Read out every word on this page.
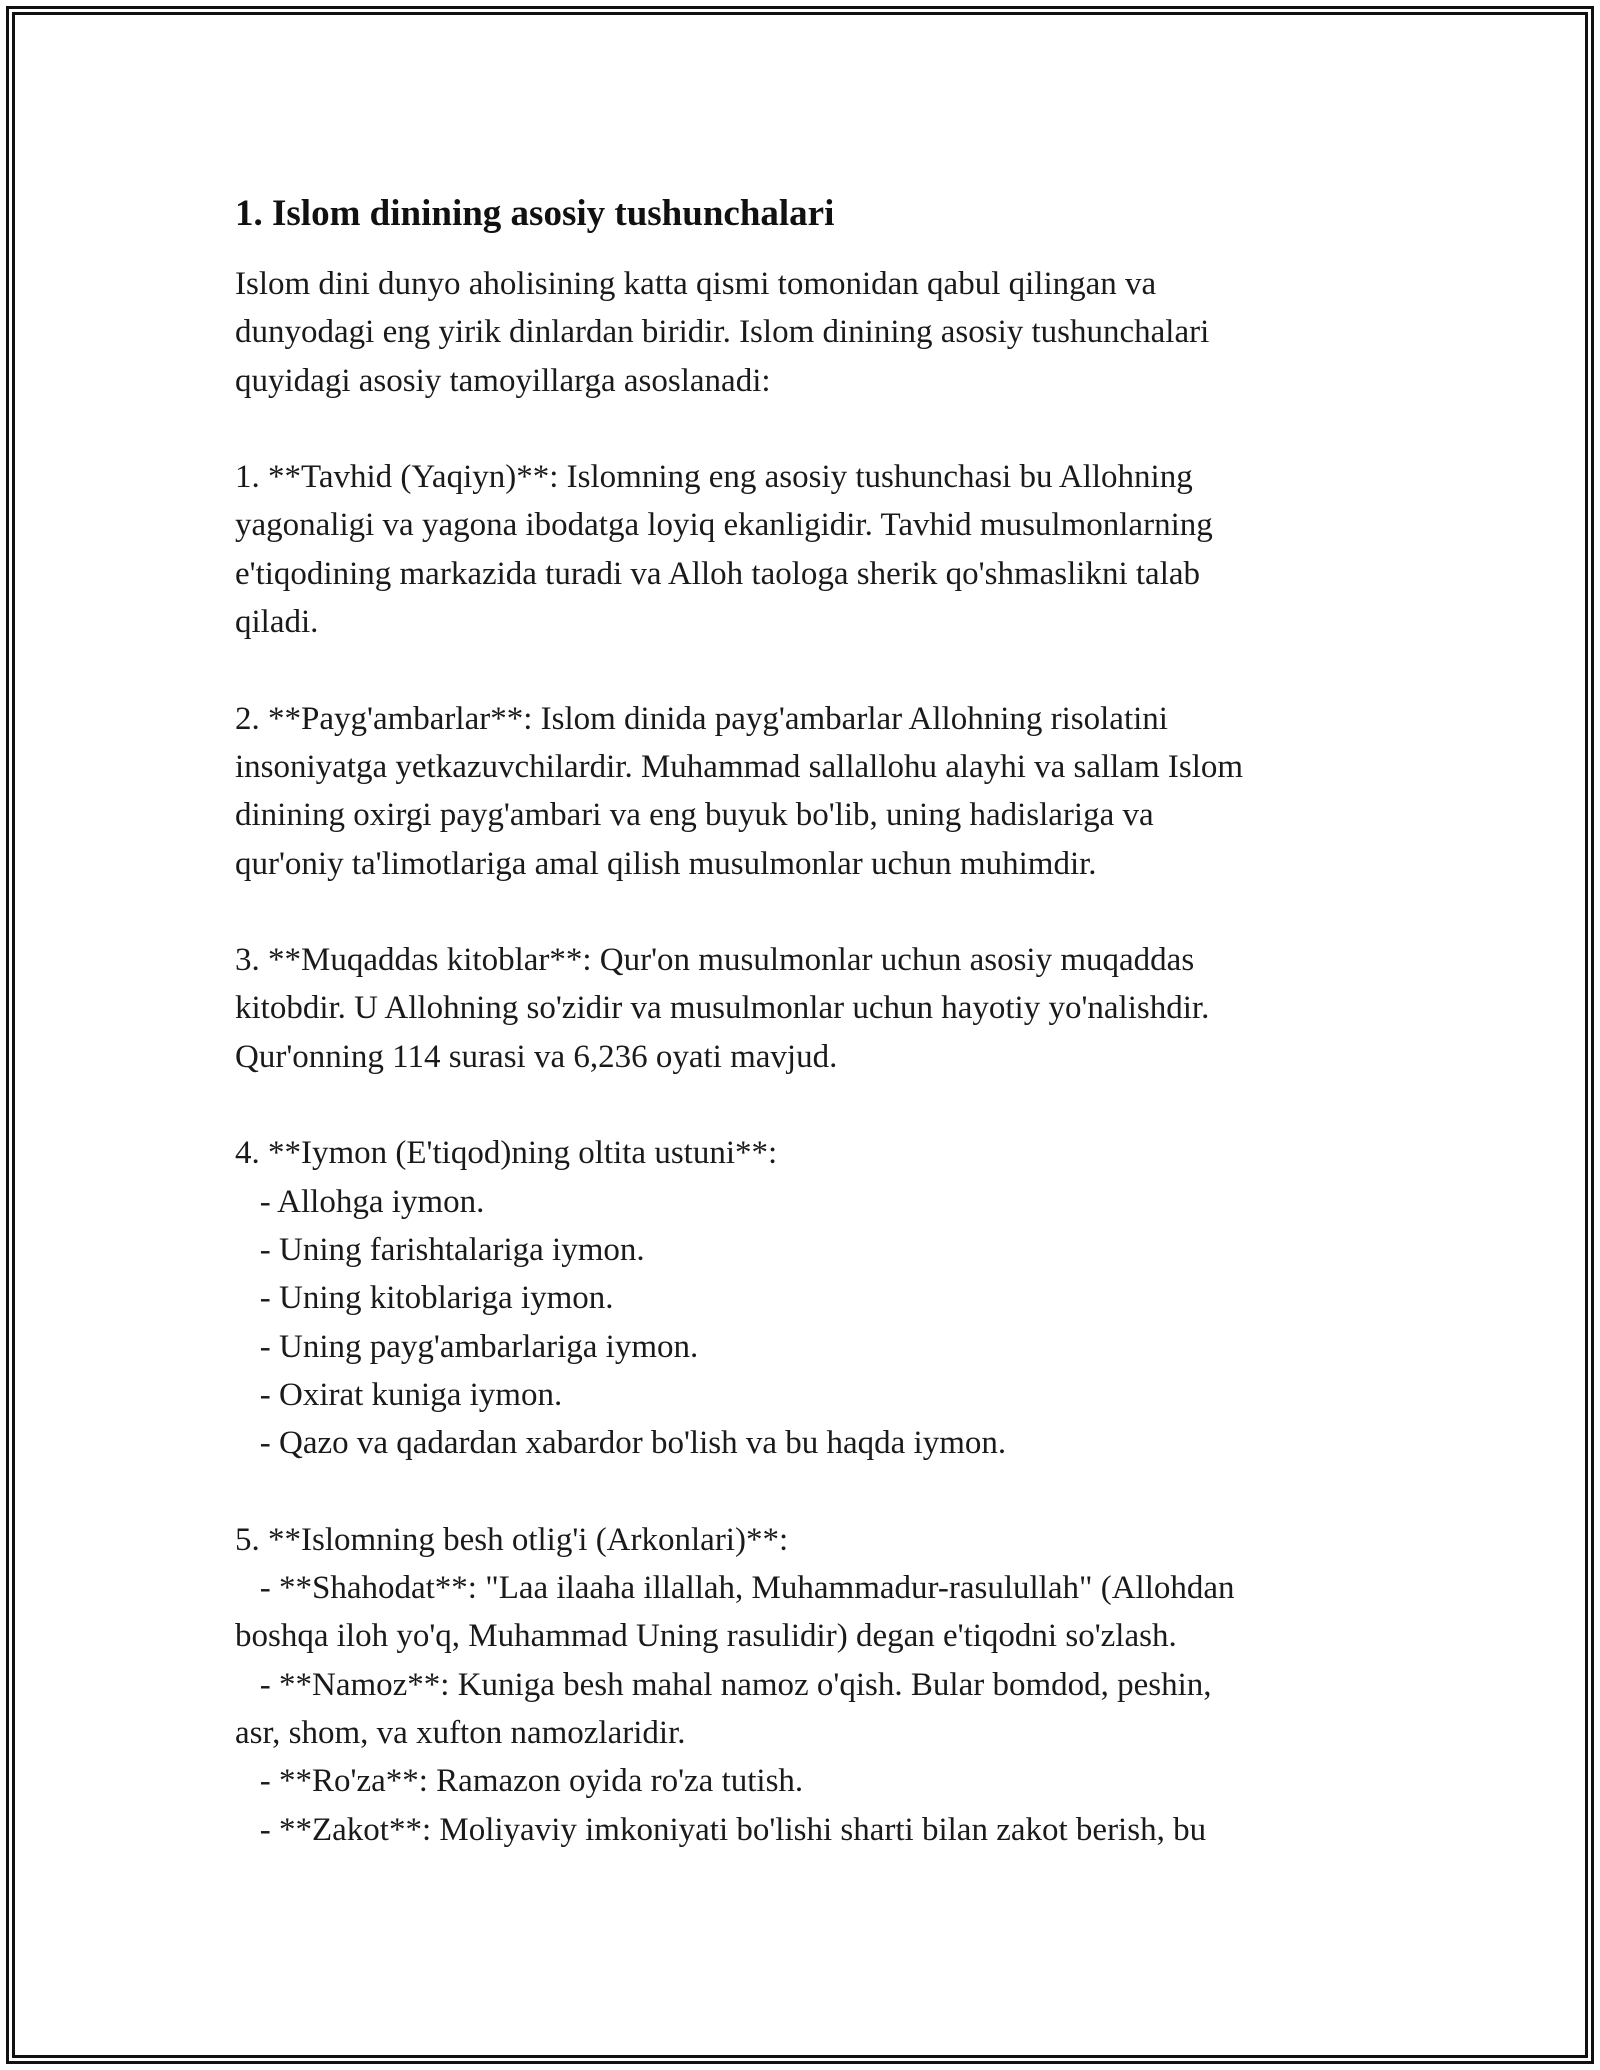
1. Islom dinining asosiy tushunchalari

Islom dini dunyo aholisining katta qismi tomonidan qabul qilingan va
dunyodagi eng yirik dinlardan biridir. Islom dinining asosiy tushunchalari
quyidagi asosiy tamoyillarga asoslanadi:

1. **Tavhid (Yaqiyn)**: Islomning eng asosiy tushunchasi bu Allohning
yagonaligi va yagona ibodatga loyiq ekanligidir. Tavhid musulmonlarning
e'tiqodining markazida turadi va Alloh taologa sherik qo'shmaslikni talab
qiladi.

2. **Payg'ambarlar**: Islom dinida payg'ambarlar Allohning risolatini
insoniyatga yetkazuvchilardir. Muhammad sallallohu alayhi va sallam Islom
dinining oxirgi payg'ambari va eng buyuk bo'lib, uning hadislariga va
qur'oniy ta'limotlariga amal qilish musulmonlar uchun muhimdir.

3. **Muqaddas kitoblar**: Qur'on musulmonlar uchun asosiy muqaddas
kitobdir. U Allohning so'zidir va musulmonlar uchun hayotiy yo'nalishdir.
Qur'onning 114 surasi va 6,236 oyati mavjud.

4. **Iymon (E'tiqod)ning oltita ustuni**:
- Allohga iymon.
- Uning farishtalariga iymon.
- Uning kitoblariga iymon.
- Uning payg'ambarlariga iymon.
- Oxirat kuniga iymon.
- Qazo va qadardan xabardor bo'lish va bu haqda iymon.

5. **Islomning besh otlig'i (Arkonlari)**:
- **Shahodat**: "Laa ilaaha illallah, Muhammadur-rasulullah" (Allohdan
boshqa iloh yo'q, Muhammad Uning rasulidir) degan e'tiqodni so'zlash.
- **Namoz**: Kuniga besh mahal namoz o'qish. Bular bomdod, peshin,
asr, shom, va xufton namozlaridir.
- **Ro'za**: Ramazon oyida ro'za tutish.
- **Zakot**: Moliyaviy imkoniyati bo'lishi sharti bilan zakot berish, bu
